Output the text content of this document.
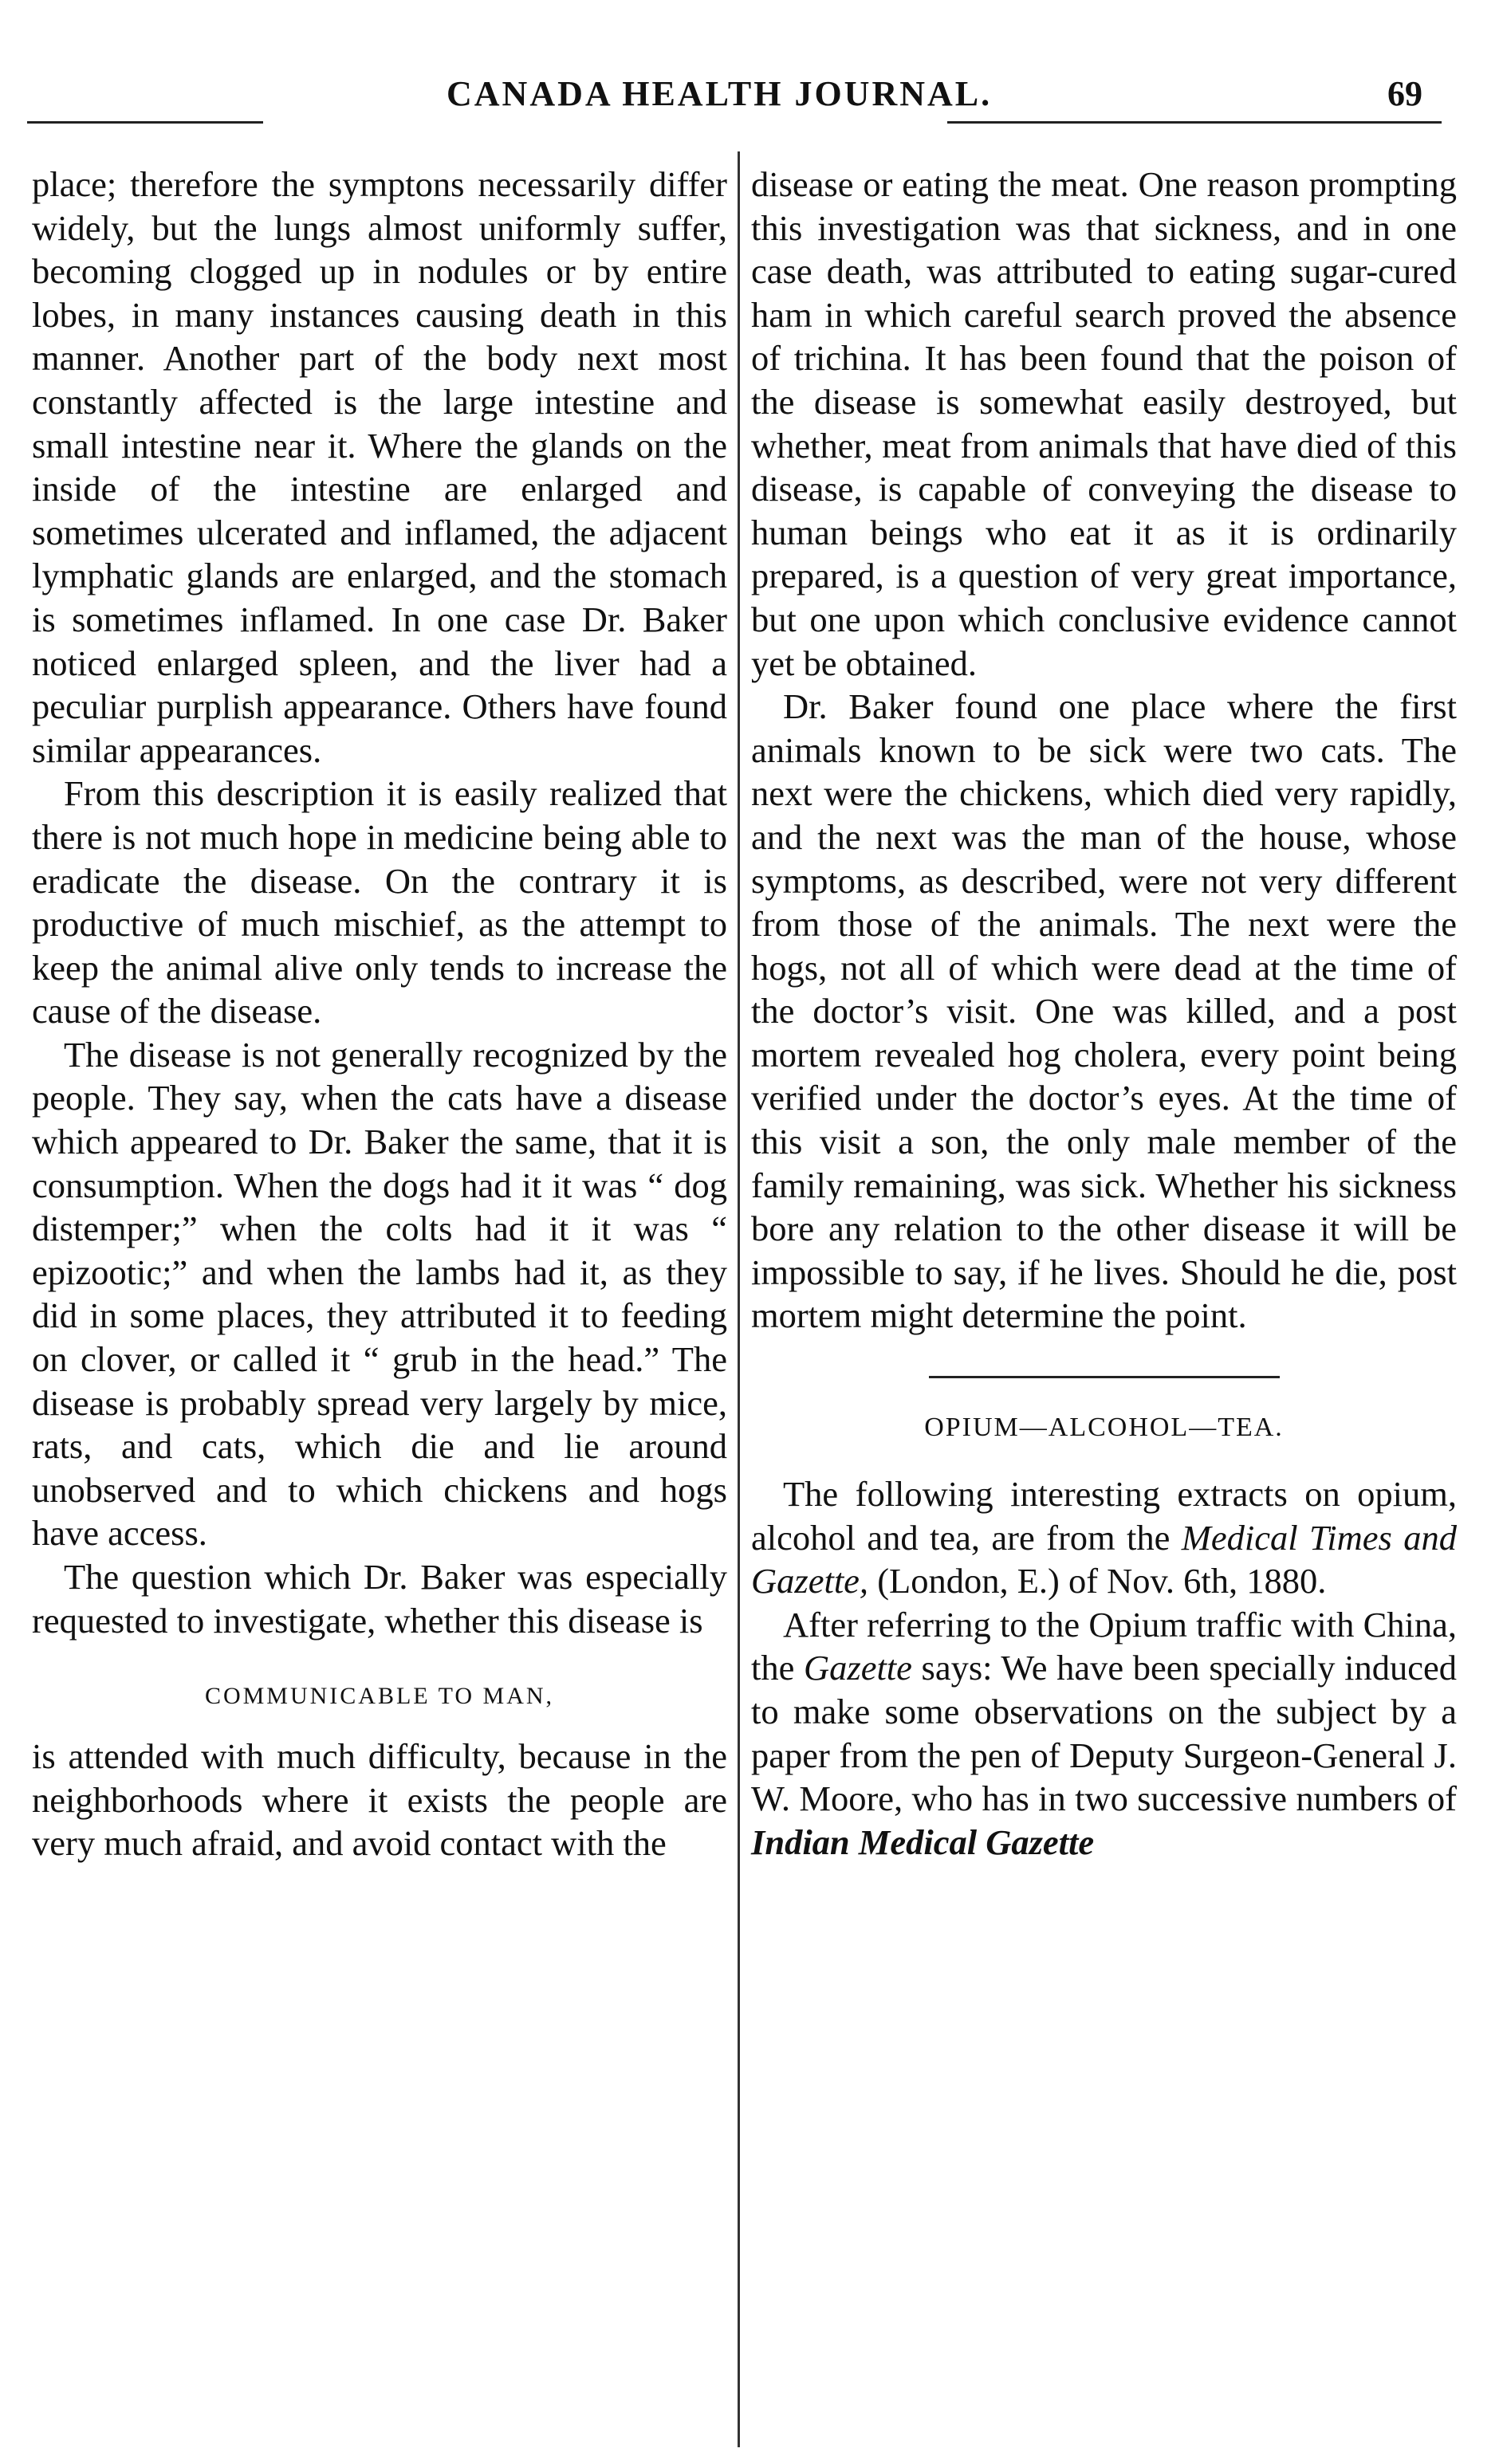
CANADA HEALTH JOURNAL.	69

place; therefore the symptons necessarily differ widely, but the lungs almost uniformly suffer, becoming clogged up in nodules or by entire lobes, in many instances causing death in this manner. Another part of the body next most constantly affected is the large intestine and small intestine near it. Where the glands on the inside of the intestine are enlarged and sometimes ulcerated and inflamed, the adjacent lymphatic glands are enlarged, and the stomach is sometimes inflamed. In one case Dr. Baker noticed enlarged spleen, and the liver had a peculiar purplish appearance. Others have found similar appearances.

From this description it is easily realized that there is not much hope in medicine being able to eradicate the disease. On the contrary it is productive of much mischief, as the attempt to keep the animal alive only tends to increase the cause of the disease.

The disease is not generally recognized by the people. They say, when the cats have a disease which appeared to Dr. Baker the same, that it is consumption. When the dogs had it it was “ dog distemper;” when the colts had it it was “ epizootic;” and when the lambs had it, as they did in some places, they attributed it to feeding on clover, or called it “ grub in the head.” The disease is probably spread very largely by mice, rats, and cats, which die and lie around unobserved and to which chickens and hogs have access.

The question which Dr. Baker was especially requested to investigate, whether this disease is

COMMUNICABLE TO MAN,

is attended with much difficulty, because in the neighborhoods where it exists the people are very much afraid, and avoid contact with the

disease or eating the meat. One reason prompting this investigation was that sickness, and in one case death, was attributed to eating sugar-cured ham in which careful search proved the absence of trichina. It has been found that the poison of the disease is somewhat easily destroyed, but whether, meat from animals that have died of this disease, is capable of conveying the disease to human beings who eat it as it is ordinarily prepared, is a question of very great importance, but one upon which conclusive evidence cannot yet be obtained.

Dr. Baker found one place where the first animals known to be sick were two cats. The next were the chickens, which died very rapidly, and the next was the man of the house, whose symptoms, as described, were not very different from those of the animals. The next were the hogs, not all of which were dead at the time of the doctor’s visit. One was killed, and a post mortem revealed hog cholera, every point being verified under the doctor’s eyes. At the time of this visit a son, the only male member of the family remaining, was sick. Whether his sickness bore any relation to the other disease it will be impossible to say, if he lives. Should he die, post mortem might determine the point.

OPIUM—ALCOHOL—TEA.

The following interesting extracts on opium, alcohol and tea, are from the Medical Times and Gazette, (London, E.) of Nov. 6th, 1880.

After referring to the Opium traffic with China, the Gazette says: We have been specially induced to make some observations on the subject by a paper from the pen of Deputy Surgeon-General J. W. Moore, who has in two successive numbers of Indian Medical Gazette
